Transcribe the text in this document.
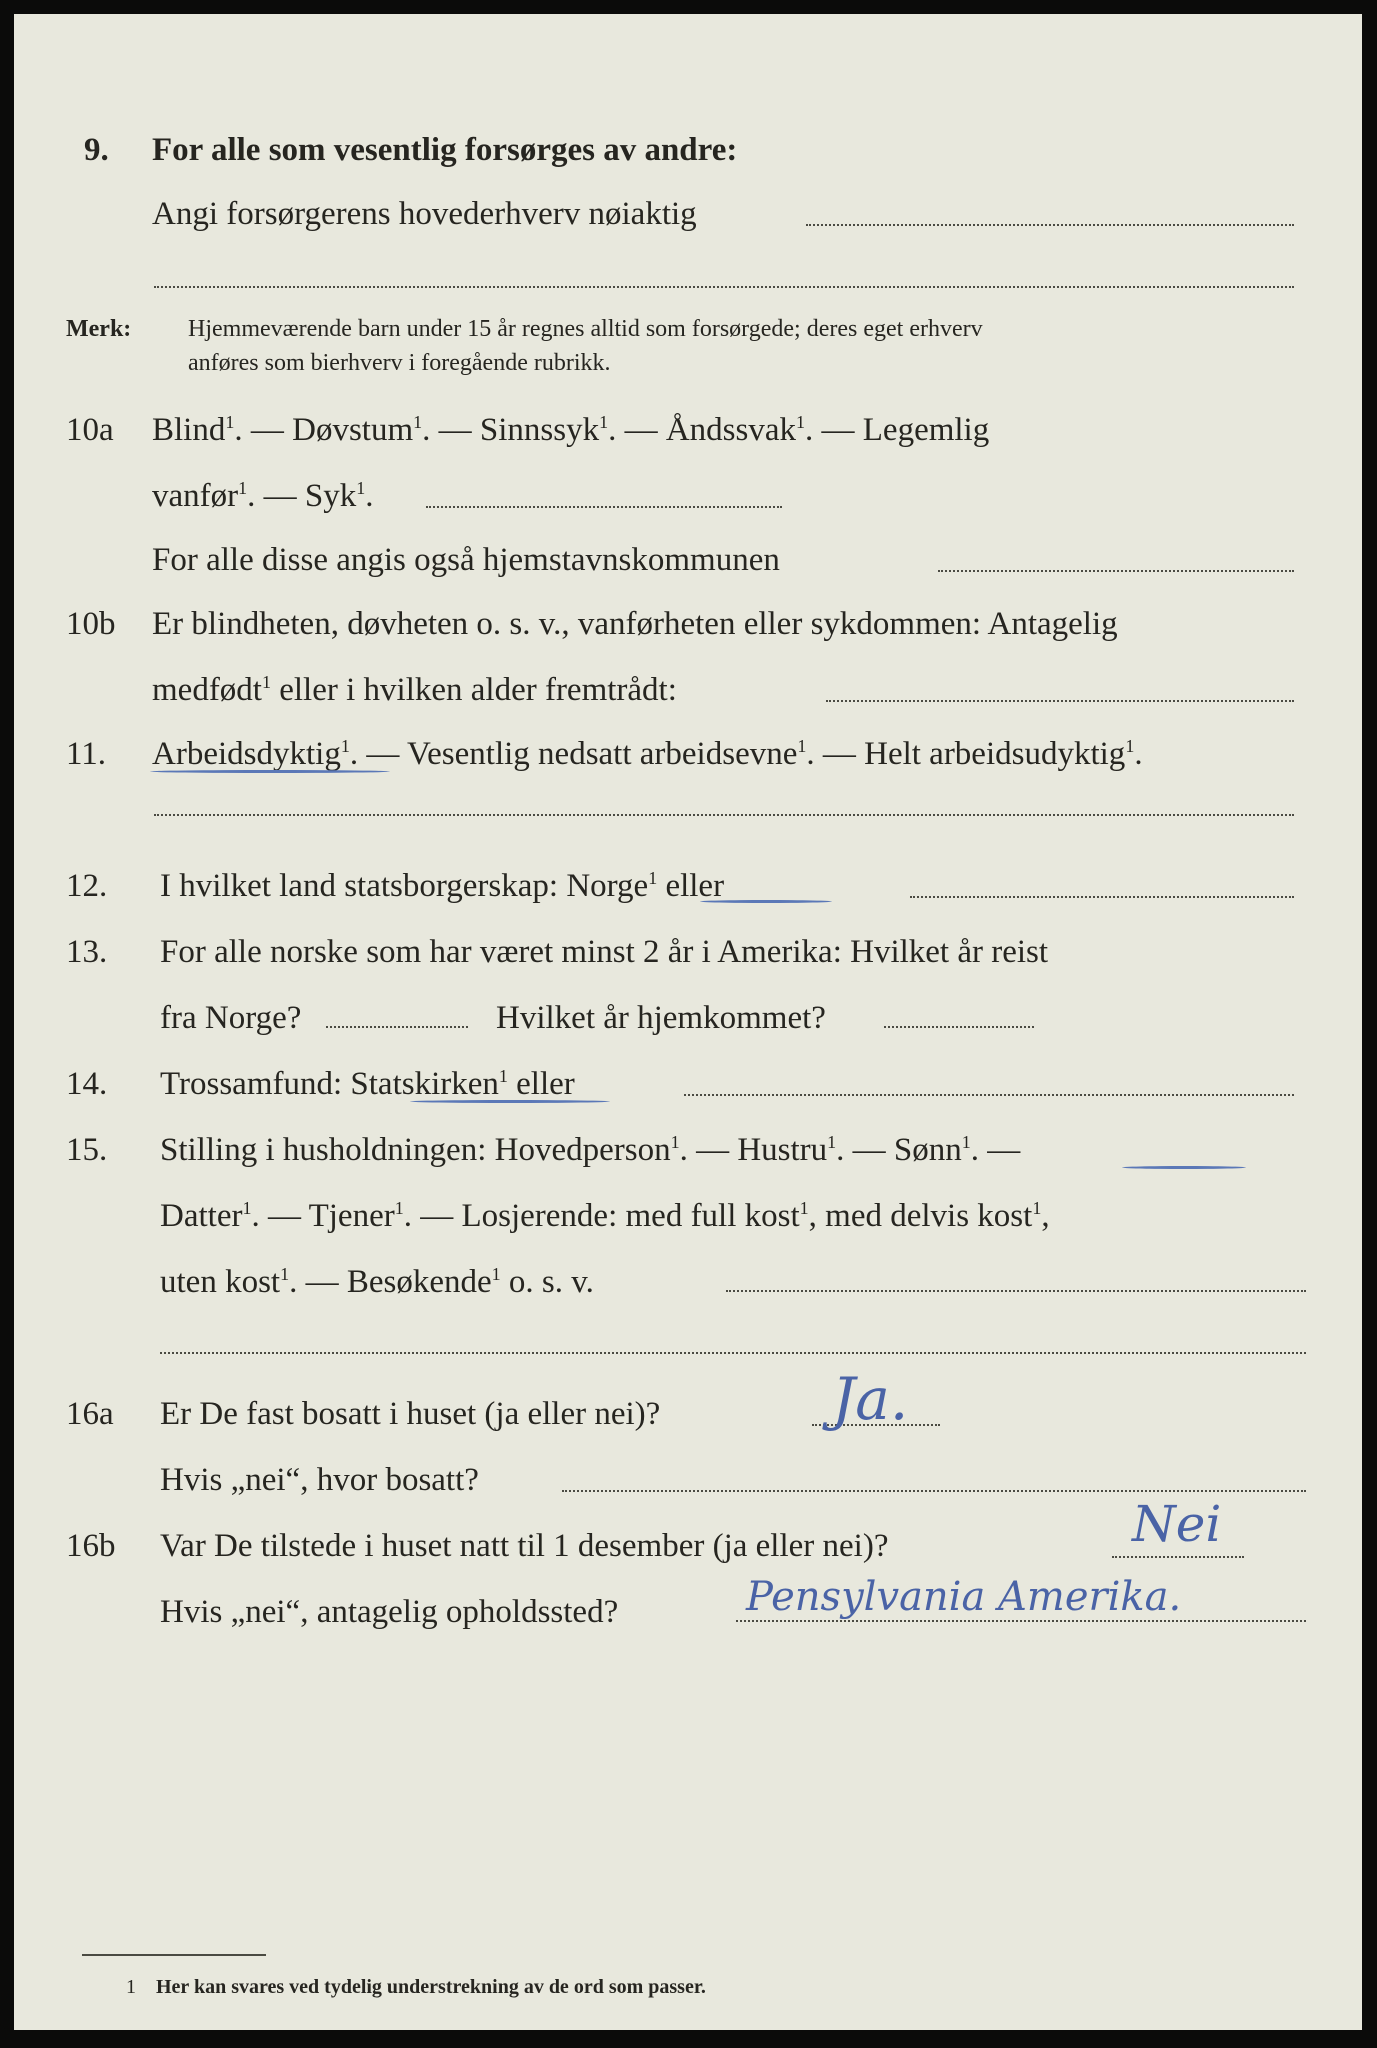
9. For alle som vesentlig forsørges av andre:
Angi forsørgerens hovederhverv nøiaktig
Merk: Hjemmeværende barn under 15 år regnes alltid som forsørgede; deres eget erhverv
anføres som bierhverv i foregående rubrikk.
10a Blind$^1$. — Døvstum$^1$. — Sinnssyk$^1$. — Åndssvak$^1$. — Legemlig
vanfør$^1$. — Syk$^1$.
For alle disse angis også hjemstavnskommunen
10b Er blindheten, døvheten o. s. v., vanførheten eller sykdommen: Antagelig
medfødt$^1$ eller i hvilken alder fremtrådt:
11. Arbeidsdyktig$^1$. — Vesentlig nedsatt arbeidsevne$^1$. — Helt arbeidsudyktig$^1$.
12. I hvilket land statsborgerskap: Norge$^1$ eller
13. For alle norske som har været minst 2 år i Amerika: Hvilket år reist
fra Norge?	Hvilket år hjemkommet?
14. Trossamfund: Statskirken$^1$ eller
15. Stilling i husholdningen: Hovedperson$^1$. — Hustru$^1$. — Sønn$^1$. —
Datter$^1$. — Tjener$^1$. — Losjerende: med full kost$^1$, med delvis kost$^1$,
uten kost$^1$. — Besøkende$^1$ o. s. v.
16a Er De fast bosatt i huset (ja eller nei)?	Ja.
Hvis „nei“, hvor bosatt?
16b Var De tilstede i huset natt til 1 desember (ja eller nei)?	Nei
Hvis „nei“, antagelig opholdssted?	Pensylvania Amerika.
1 Her kan svares ved tydelig understrekning av de ord som passer.
